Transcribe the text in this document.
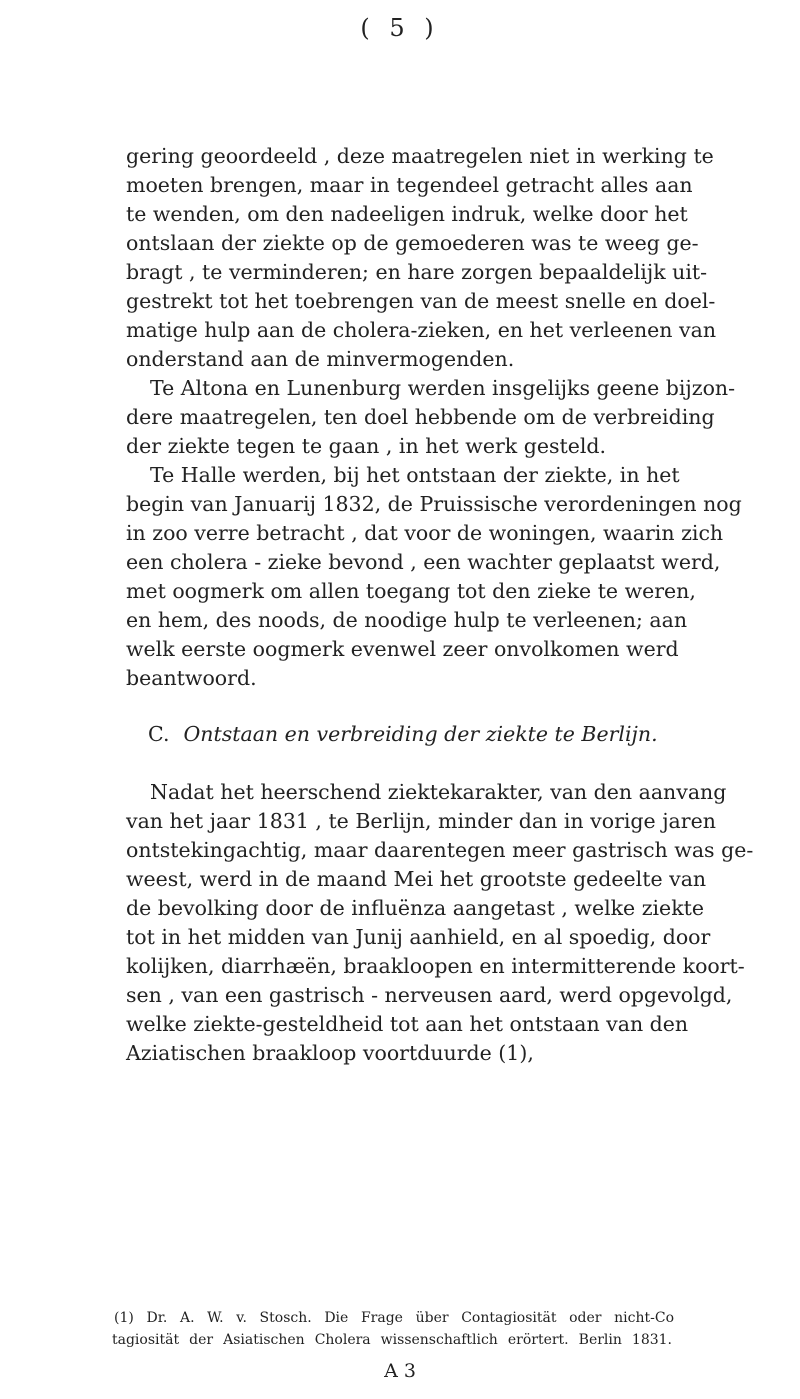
( 5 )
gering geoordeeld , deze maatregelen niet in werking te
moeten brengen, maar in tegendeel getracht alles aan
te wenden, om den nadeeligen indruk, welke door het
ontslaan der ziekte op de gemoederen was te weeg ge-
bragt , te verminderen; en hare zorgen bepaaldelijk uit-
gestrekt tot het toebrengen van de meest snelle en doel-
matige hulp aan de cholera-zieken, en het verleenen van
onderstand aan de minvermogenden.
Te Altona en Lunenburg werden insgelijks geene bijzon-
dere maatregelen, ten doel hebbende om de verbreiding
der ziekte tegen te gaan , in het werk gesteld.
Te Halle werden, bij het ontstaan der ziekte, in het
begin van Januarij 1832, de Pruissische verordeningen nog
in zoo verre betracht , dat voor de woningen, waarin zich
een cholera - zieke bevond , een wachter geplaatst werd,
met oogmerk om allen toegang tot den zieke te weren,
en hem, des noods, de noodige hulp te verleenen; aan
welk eerste oogmerk evenwel zeer onvolkomen werd
beantwoord.
C. Ontstaan en verbreiding der ziekte te Berlijn.
Nadat het heerschend ziektekarakter, van den aanvang
van het jaar 1831 , te Berlijn, minder dan in vorige jaren
ontstekingachtig, maar daarentegen meer gastrisch was ge-
weest, werd in de maand Mei het grootste gedeelte van
de bevolking door de influënza aangetast , welke ziekte
tot in het midden van Junij aanhield, en al spoedig, door
kolijken, diarrhæën, braakloopen en intermitterende koort-
sen , van een gastrisch - nerveusen aard, werd opgevolgd,
welke ziekte-gesteldheid tot aan het ontstaan van den
Aziatischen braakloop voortduurde (1),
(1) Dr. A. W. v. Stosch. Die Frage über Contagiosität oder nicht-Co
tagiosität der Asiatischen Cholera wissenschaftlich erörtert. Berlin 1831.
A 3
